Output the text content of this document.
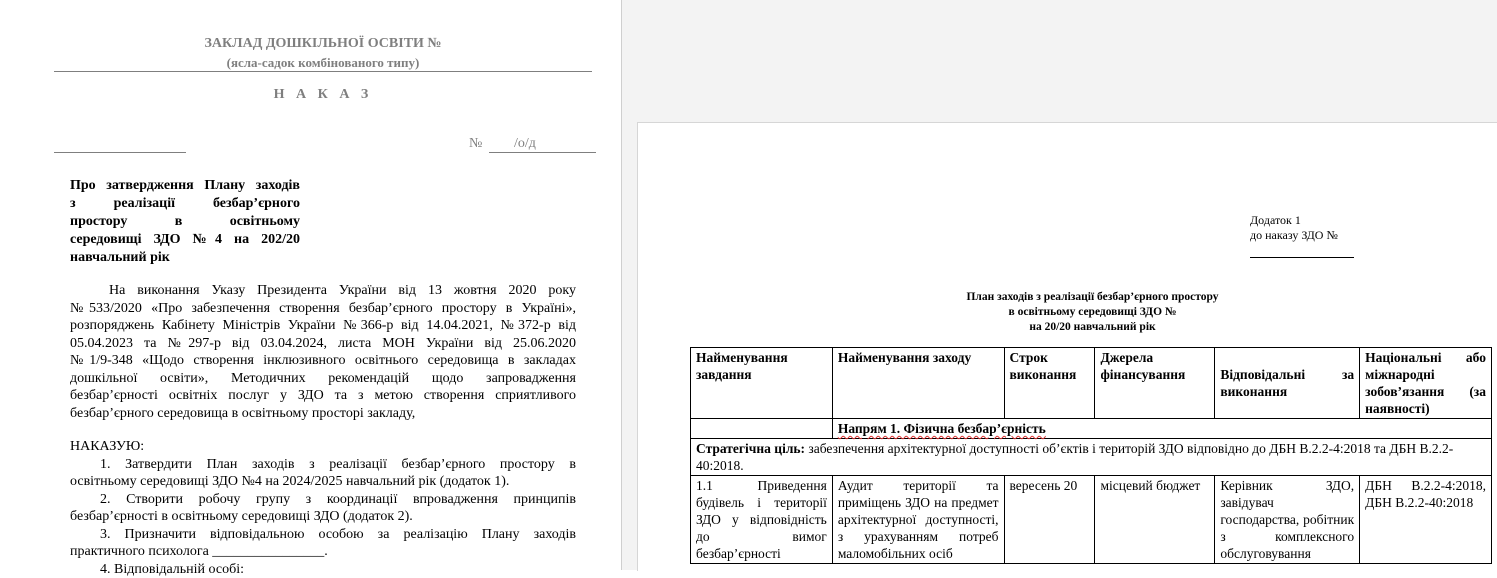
ЗАКЛАД ДОШКІЛЬНОЇ ОСВІТИ №
(ясла-садок комбінованого типу)
Н А К А З
№ /о/д
Про затвердження Плану заходів
з реалізації безбар’єрного
простору в освітньому
середовищі ЗДО №4 на 202/20
навчальний рік
На виконання Указу Президента України від 13 жовтня 2020 року
№533/2020 «Про забезпечення створення безбар’єрного простору в Україні»,
розпоряджень Кабінету Міністрів України №366-р від 14.04.2021, №372-р від
05.04.2023 та №297-р від 03.04.2024, листа МОН України від 25.06.2020
№1/9-348 «Щодо створення інклюзивного освітнього середовища в закладах
дошкільної освіти», Методичних рекомендацій щодо запровадження
безбар’єрності освітніх послуг у ЗДО та з метою створення сприятливого
безбар’єрного середовища в освітньому просторі закладу,
НАКАЗУЮ:
1. Затвердити План заходів з реалізації безбар’єрного простору в
освітньому середовищі ЗДО №4 на 2024/2025 навчальний рік (додаток 1).
2. Створити робочу групу з координації впровадження принципів
безбар’єрності в освітньому середовищі ЗДО (додаток 2).
3. Призначити відповідальною особою за реалізацію Плану заходів
практичного психолога ________________.
4. Відповідальній особі:
Додаток 1
до наказу ЗДО №
План заходів з реалізації безбар’єрного простору
в освітньому середовищі ЗДО №
на 20/20 навчальний рік
Найменування завдання	Найменування заходу	Строк виконання	Джерела фінансування	Відповідальні за виконання	Національні або міжнародні зобов’язання (за наявності)
	Напрям 1. Фізична безбар’єрність				
Стратегічна ціль: забезпечення архітектурної доступності об’єктів і територій ЗДО відповідно до ДБН В.2.2-4:2018 та ДБН В.2.2-40:2018.					
1.1 Приведення будівель і території ЗДО у відповідність до вимог безбар’єрності	Аудит території та приміщень ЗДО на предмет архітектурної доступності, з урахуванням потреб маломобільних осіб	вересень 20	місцевий бюджет	Керівник ЗДО, завідувач господарства, робітник з комплексного обслуговування	ДБН В.2.2-4:2018, ДБН В.2.2-40:2018
